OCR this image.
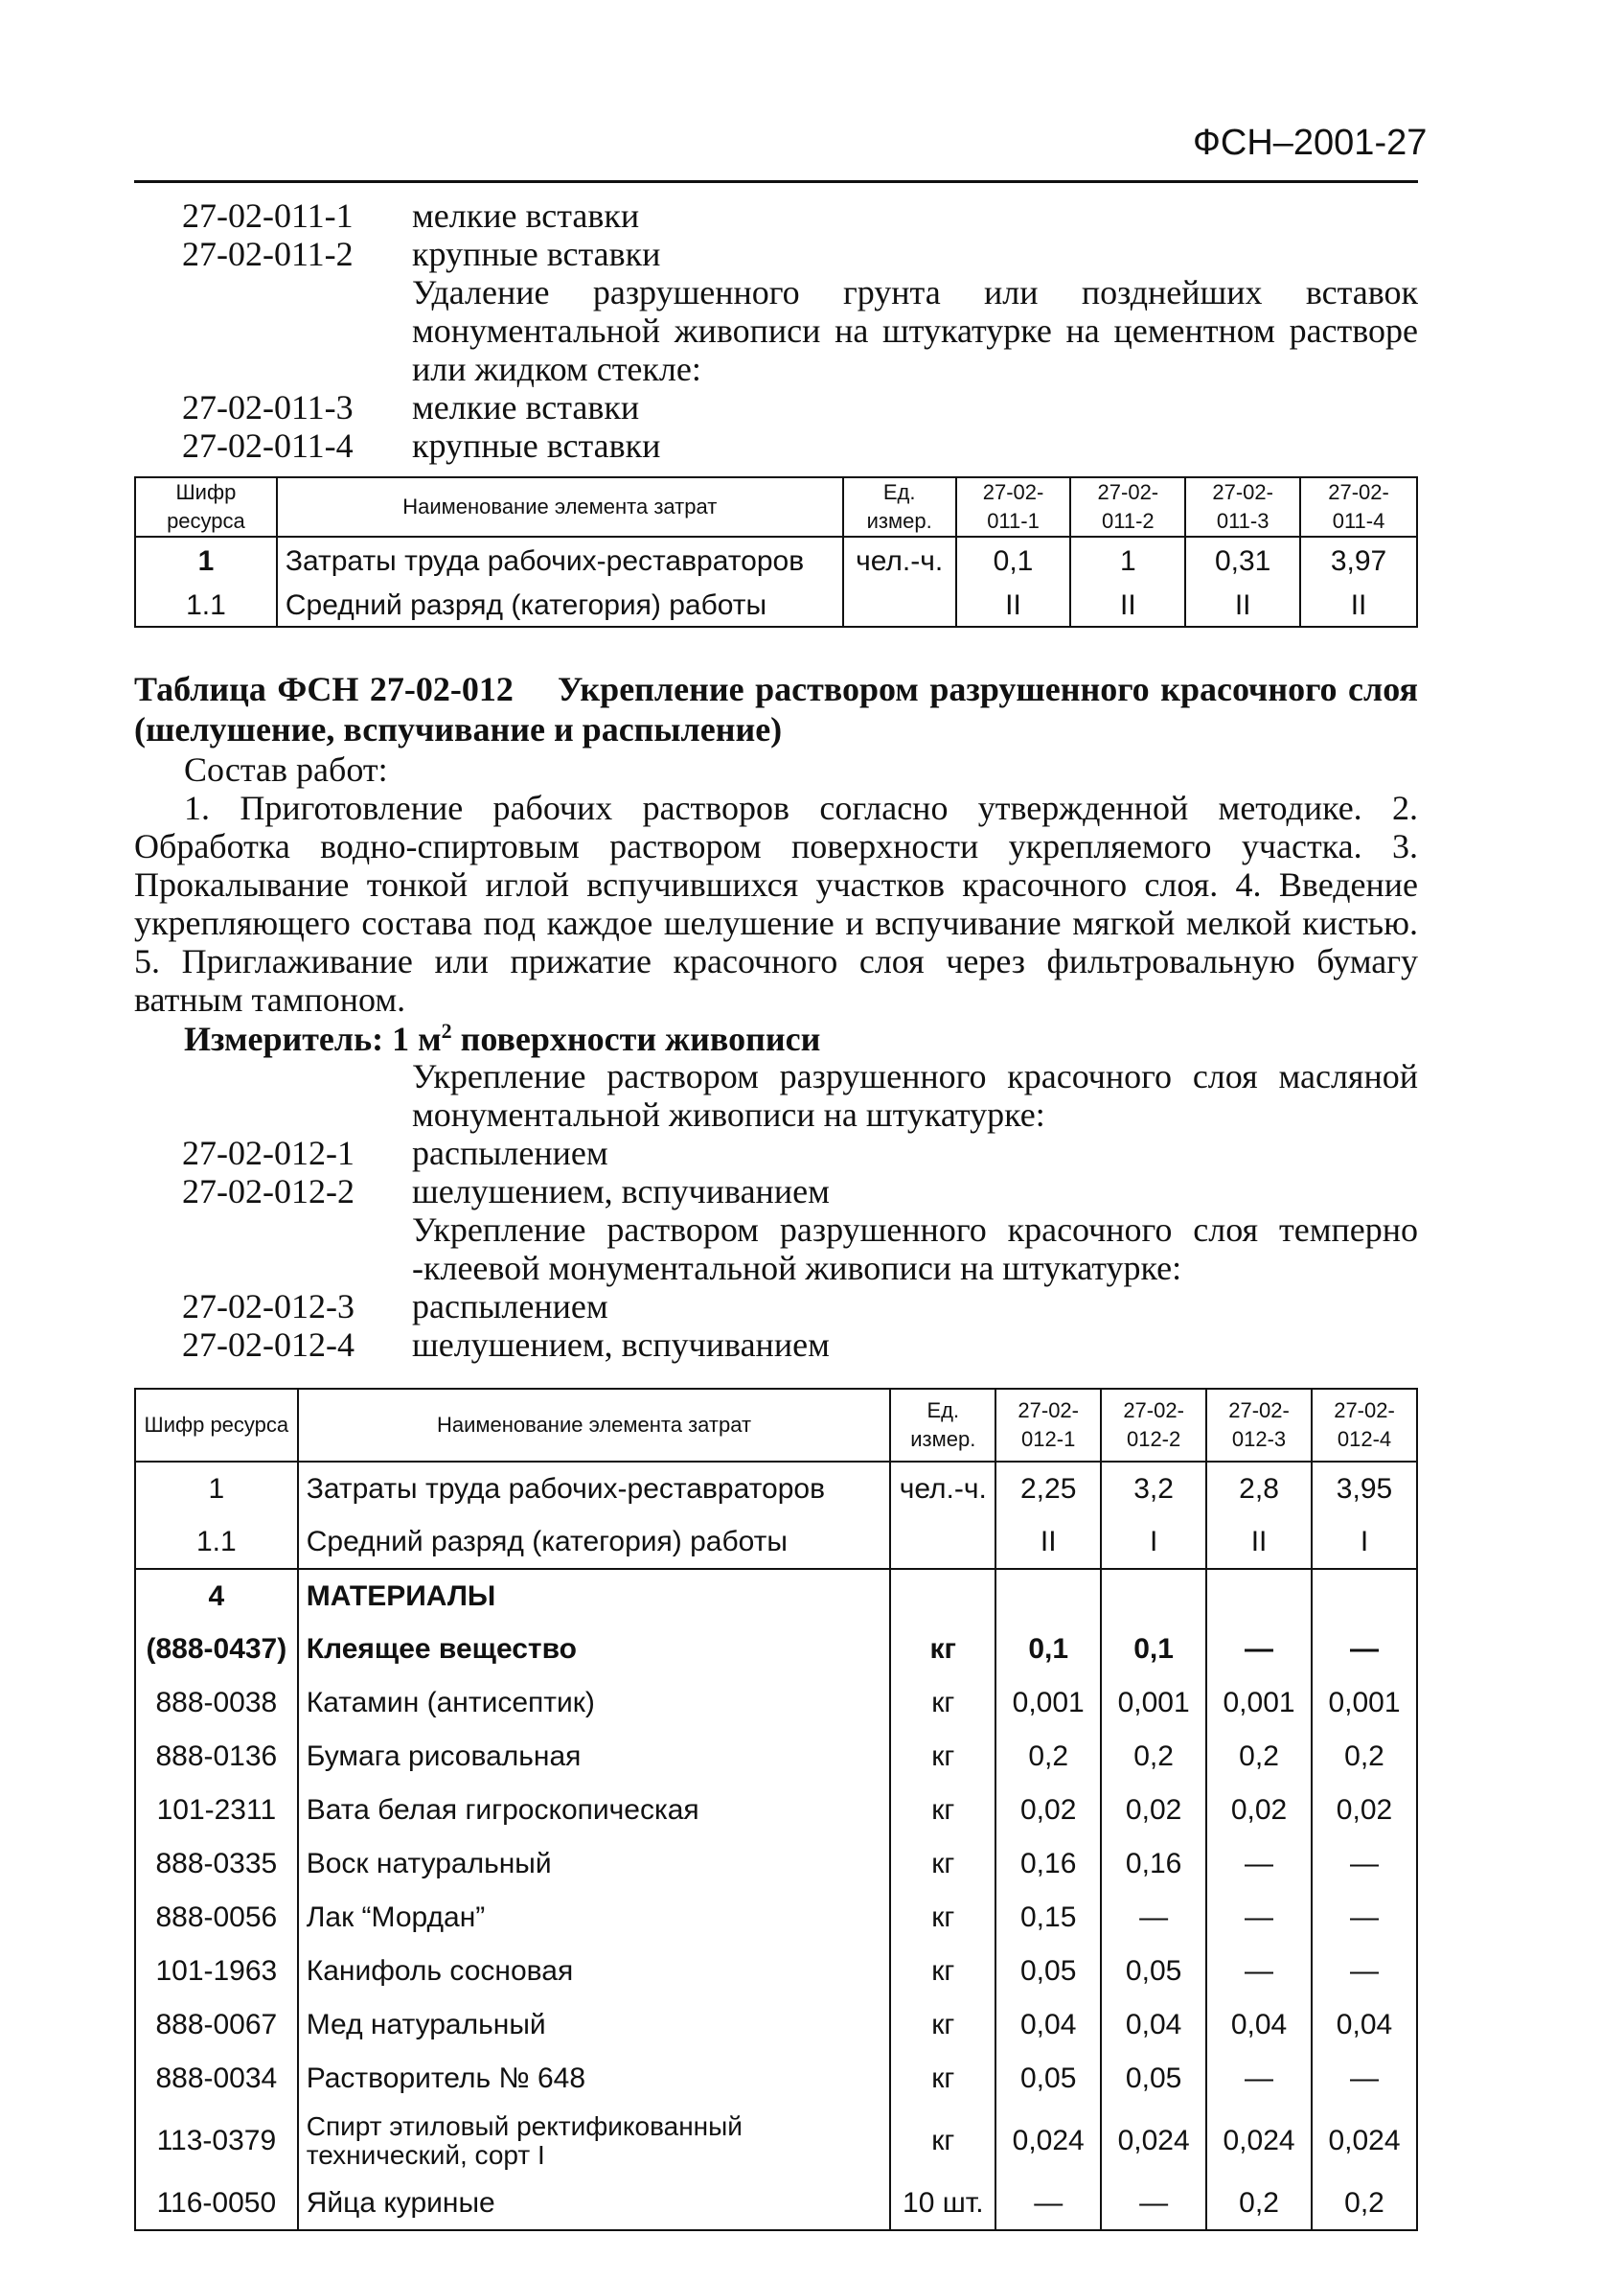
ФСН–2001-27
27-02-011-1 мелкие вставки
27-02-011-2 крупные вставки
Удаление разрушенного грунта или позднейших вставок монументальной живописи на штукатурке на цементном растворе или жидком стекле:
27-02-011-3 мелкие вставки
27-02-011-4 крупные вставки
Шифр ресурса	Наименование элемента затрат	Ед. измер.	27-02-011-1	27-02-011-2	27-02-011-3	27-02-011-4
1	Затраты труда рабочих-реставраторов	чел.-ч.	0,1	1	0,31	3,97
1.1	Средний разряд (категория) работы		II	II	II	II
Таблица ФСН 27-02-012 Укрепление раствором разрушенного красочного слоя (шелушение, вспучивание и распыление)
Состав работ:
1. Приготовление рабочих растворов согласно утвержденной методике. 2. Обработка водно-спиртовым раствором поверхности укрепляемого участка. 3. Прокалывание тонкой иглой вспучившихся участков красочного слоя. 4. Введение укрепляющего состава под каждое шелушение и вспучивание мягкой мелкой кистью. 5. Приглаживание или прижатие красочного слоя через фильтровальную бумагу ватным тампоном.
Измеритель: 1 $м^2$ поверхности живописи
Укрепление раствором разрушенного красочного слоя масляной монументальной живописи на штукатурке:
27-02-012-1 распылением
27-02-012-2 шелушением, вспучиванием
Укрепление раствором разрушенного красочного слоя темперно -клеевой монументальной живописи на штукатурке:
27-02-012-3 распылением
27-02-012-4 шелушением, вспучиванием
Шифр ресурса	Наименование элемента затрат	Ед. измер.	27-02-012-1	27-02-012-2	27-02-012-3	27-02-012-4
1	Затраты труда рабочих-реставраторов	чел.-ч.	2,25	3,2	2,8	3,95
1.1	Средний разряд (категория) работы		II	I	II	I
4	МАТЕРИАЛЫ					
(888-0437)	Клеящее вещество	кг	0,1	0,1	—	—
888-0038	Катамин (антисептик)	кг	0,001	0,001	0,001	0,001
888-0136	Бумага рисовальная	кг	0,2	0,2	0,2	0,2
101-2311	Вата белая гигроскопическая	кг	0,02	0,02	0,02	0,02
888-0335	Воск натуральный	кг	0,16	0,16	—	—
888-0056	Лак “Мордан”	кг	0,15	—	—	—
101-1963	Канифоль сосновая	кг	0,05	0,05	—	—
888-0067	Мед натуральный	кг	0,04	0,04	0,04	0,04
888-0034	Растворитель № 648	кг	0,05	0,05	—	—
113-0379	Спирт этиловый ректификованный технический, сорт I	кг	0,024	0,024	0,024	0,024
116-0050	Яйца куриные	10 шт.	—	—	0,2	0,2
